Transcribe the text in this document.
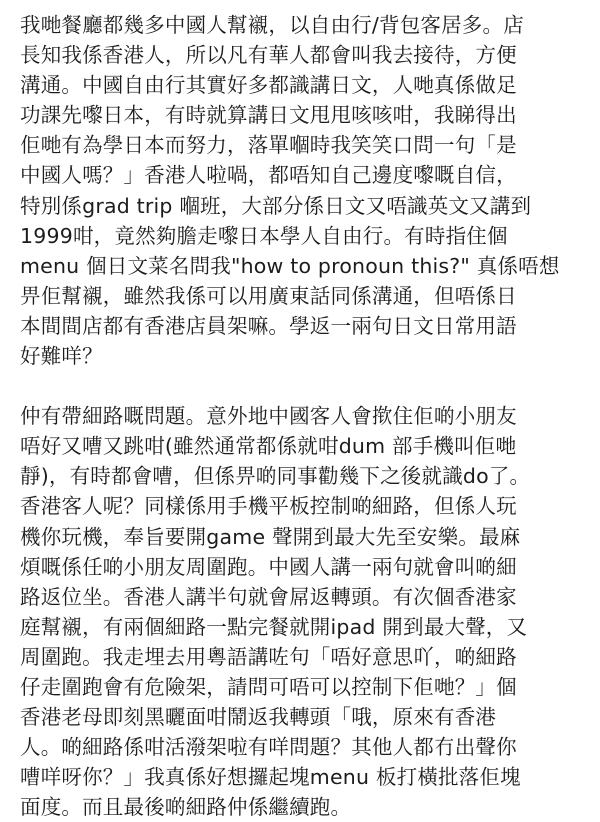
我哋餐廳都幾多中國人幫襯，以自由行/背包客居多。店
長知我係香港人，所以凡有華人都會叫我去接待，方便
溝通。中國自由行其實好多都識講日文，人哋真係做足
功課先嚟日本，有時就算講日文甩甩咳咳咁，我睇得出
佢哋有為學日本而努力，落單嗰時我笑笑口問一句「是
中國人嗎？」香港人啦喎，都唔知自己邊度嚟嘅自信，
特別係grad trip 嗰班，大部分係日文又唔識英文又講到
1999咁，竟然夠膽走嚟日本學人自由行。有時指住個
menu 個日文菜名問我"how to pronoun this?" 真係唔想
畀佢幫襯，雖然我係可以用廣東話同係溝通，但唔係日
本間間店都有香港店員架嘛。學返一兩句日文日常用語
好難咩？

仲有帶細路嘅問題。意外地中國客人會揿住佢啲小朋友
唔好又嘈又跳咁(雖然通常都係就咁dum 部手機叫佢哋
靜)，有時都會嘈，但係畀啲同事勸幾下之後就識do了。
香港客人呢？同樣係用手機平板控制啲細路，但係人玩
機你玩機，奉旨要開game 聲開到最大先至安樂。最麻
煩嘅係任啲小朋友周圍跑。中國人講一兩句就會叫啲細
路返位坐。香港人講半句就會屌返轉頭。有次個香港家
庭幫襯，有兩個細路一點完餐就開ipad 開到最大聲，又
周圍跑。我走埋去用粵語講咗句「唔好意思吖，啲細路
仔走圍跑會有危險架，請問可唔可以控制下佢哋？」個
香港老母即刻黑曬面咁鬧返我轉頭「哦，原來有香港
人。啲細路係咁活潑架啦有咩問題？其他人都冇出聲你
嘈咩呀你？」我真係好想攞起塊menu 板打橫批落佢塊
面度。而且最後啲細路仲係繼續跑。
